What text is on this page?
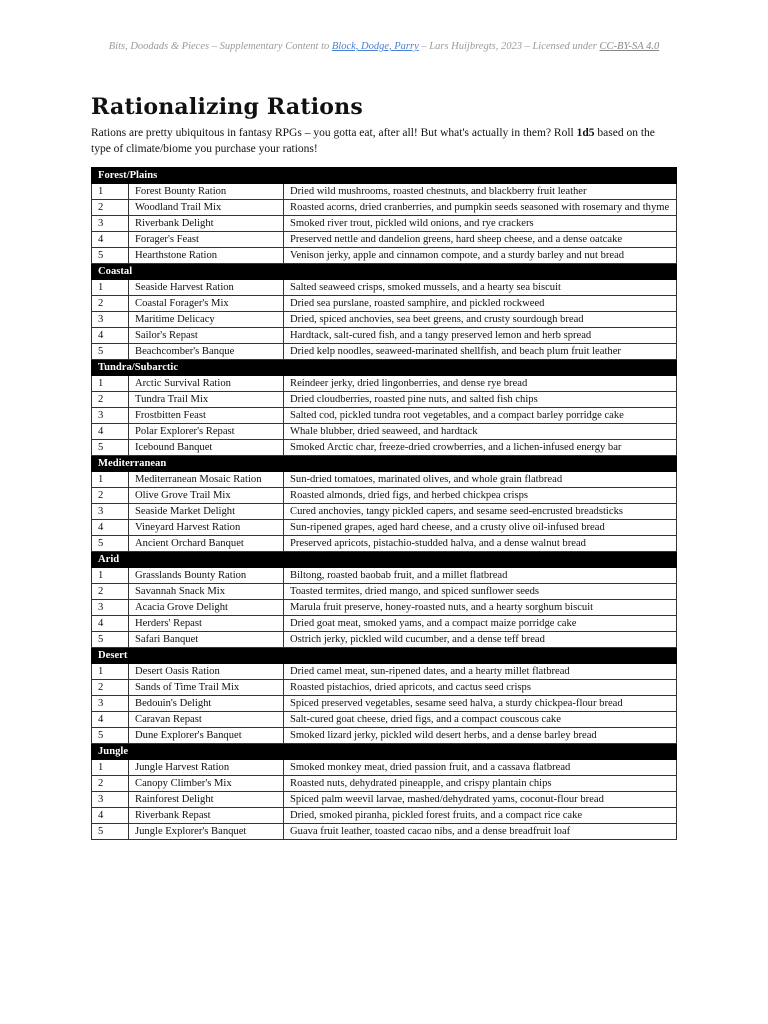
Bits, Doodads & Pieces – Supplementary Content to Block, Dodge, Parry – Lars Huijbregts, 2023 – Licensed under CC-BY-SA 4.0
Rationalizing Rations

Rations are pretty ubiquitous in fantasy RPGs – you gotta eat, after all! But what's actually in them? Roll 1d5 based on the type of climate/biome you purchase your rations!

Forest/Plains		
1	Forest Bounty Ration	Dried wild mushrooms, roasted chestnuts, and blackberry fruit leather
2	Woodland Trail Mix	Roasted acorns, dried cranberries, and pumpkin seeds seasoned with rosemary and thyme
3	Riverbank Delight	Smoked river trout, pickled wild onions, and rye crackers
4	Forager's Feast	Preserved nettle and dandelion greens, hard sheep cheese, and a dense oatcake
5	Hearthstone Ration	Venison jerky, apple and cinnamon compote, and a sturdy barley and nut bread
Coastal		
1	Seaside Harvest Ration	Salted seaweed crisps, smoked mussels, and a hearty sea biscuit
2	Coastal Forager's Mix	Dried sea purslane, roasted samphire, and pickled rockweed
3	Maritime Delicacy	Dried, spiced anchovies, sea beet greens, and crusty sourdough bread
4	Sailor's Repast	Hardtack, salt-cured fish, and a tangy preserved lemon and herb spread
5	Beachcomber's Banque	Dried kelp noodles, seaweed-marinated shellfish, and beach plum fruit leather
Tundra/Subarctic		
1	Arctic Survival Ration	Reindeer jerky, dried lingonberries, and dense rye bread
2	Tundra Trail Mix	Dried cloudberries, roasted pine nuts, and salted fish chips
3	Frostbitten Feast	Salted cod, pickled tundra root vegetables, and a compact barley porridge cake
4	Polar Explorer's Repast	Whale blubber, dried seaweed, and hardtack
5	Icebound Banquet	Smoked Arctic char, freeze-dried crowberries, and a lichen-infused energy bar
Mediterranean		
1	Mediterranean Mosaic Ration	Sun-dried tomatoes, marinated olives, and whole grain flatbread
2	Olive Grove Trail Mix	Roasted almonds, dried figs, and herbed chickpea crisps
3	Seaside Market Delight	Cured anchovies, tangy pickled capers, and sesame seed-encrusted breadsticks
4	Vineyard Harvest Ration	Sun-ripened grapes, aged hard cheese, and a crusty olive oil-infused bread
5	Ancient Orchard Banquet	Preserved apricots, pistachio-studded halva, and a dense walnut bread
Arid		
1	Grasslands Bounty Ration	Biltong, roasted baobab fruit, and a millet flatbread
2	Savannah Snack Mix	Toasted termites, dried mango, and spiced sunflower seeds
3	Acacia Grove Delight	Marula fruit preserve, honey-roasted nuts, and a hearty sorghum biscuit
4	Herders' Repast	Dried goat meat, smoked yams, and a compact maize porridge cake
5	Safari Banquet	Ostrich jerky, pickled wild cucumber, and a dense teff bread
Desert		
1	Desert Oasis Ration	Dried camel meat, sun-ripened dates, and a hearty millet flatbread
2	Sands of Time Trail Mix	Roasted pistachios, dried apricots, and cactus seed crisps
3	Bedouin's Delight	Spiced preserved vegetables, sesame seed halva, a sturdy chickpea-flour bread
4	Caravan Repast	Salt-cured goat cheese, dried figs, and a compact couscous cake
5	Dune Explorer's Banquet	Smoked lizard jerky, pickled wild desert herbs, and a dense barley bread
Jungle		
1	Jungle Harvest Ration	Smoked monkey meat, dried passion fruit, and a cassava flatbread
2	Canopy Climber's Mix	Roasted nuts, dehydrated pineapple, and crispy plantain chips
3	Rainforest Delight	Spiced palm weevil larvae, mashed/dehydrated yams, coconut-flour bread
4	Riverbank Repast	Dried, smoked piranha, pickled forest fruits, and a compact rice cake
5	Jungle Explorer's Banquet	Guava fruit leather, toasted cacao nibs, and a dense breadfruit loaf
